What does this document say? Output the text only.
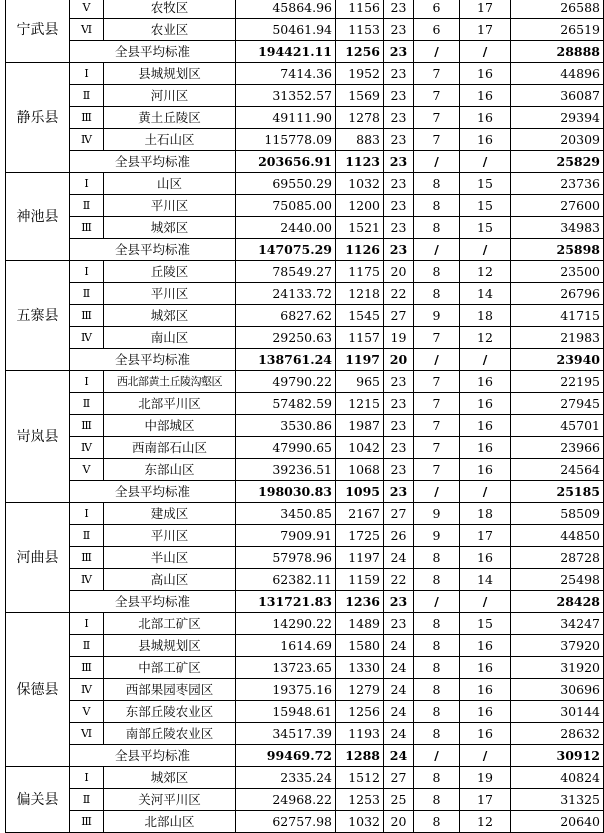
宁武县	Ⅴ	农牧区	45864.96	1156	23	6	17	26588
	Ⅵ	农业区	50461.94	1153	23	6	17	26519
	全县平均标准		194421.11	1256	23	/	/	28888
静乐县	Ⅰ	县城规划区	7414.36	1952	23	7	16	44896
	Ⅱ	河川区	31352.57	1569	23	7	16	36087
	Ⅲ	黄土丘陵区	49111.90	1278	23	7	16	29394
	Ⅳ	土石山区	115778.09	883	23	7	16	20309
	全县平均标准		203656.91	1123	23	/	/	25829
神池县	Ⅰ	山区	69550.29	1032	23	8	15	23736
	Ⅱ	平川区	75085.00	1200	23	8	15	27600
	Ⅲ	城郊区	2440.00	1521	23	8	15	34983
	全县平均标准		147075.29	1126	23	/	/	25898
五寨县	Ⅰ	丘陵区	78549.27	1175	20	8	12	23500
	Ⅱ	平川区	24133.72	1218	22	8	14	26796
	Ⅲ	城郊区	6827.62	1545	27	9	18	41715
	Ⅳ	南山区	29250.63	1157	19	7	12	21983
	全县平均标准		138761.24	1197	20	/	/	23940
岢岚县	Ⅰ	西北部黄土丘陵沟壑区	49790.22	965	23	7	16	22195
	Ⅱ	北部平川区	57482.59	1215	23	7	16	27945
	Ⅲ	中部城区	3530.86	1987	23	7	16	45701
	Ⅳ	西南部石山区	47990.65	1042	23	7	16	23966
	Ⅴ	东部山区	39236.51	1068	23	7	16	24564
	全县平均标准		198030.83	1095	23	/	/	25185
河曲县	Ⅰ	建成区	3450.85	2167	27	9	18	58509
	Ⅱ	平川区	7909.91	1725	26	9	17	44850
	Ⅲ	半山区	57978.96	1197	24	8	16	28728
	Ⅳ	高山区	62382.11	1159	22	8	14	25498
	全县平均标准		131721.83	1236	23	/	/	28428
保德县	Ⅰ	北部工矿区	14290.22	1489	23	8	15	34247
	Ⅱ	县城规划区	1614.69	1580	24	8	16	37920
	Ⅲ	中部工矿区	13723.65	1330	24	8	16	31920
	Ⅳ	西部果园枣园区	19375.16	1279	24	8	16	30696
	Ⅴ	东部丘陵农业区	15948.61	1256	24	8	16	30144
	Ⅵ	南部丘陵农业区	34517.39	1193	24	8	16	28632
	全县平均标准		99469.72	1288	24	/	/	30912
偏关县	Ⅰ	城郊区	2335.24	1512	27	8	19	40824
	Ⅱ	关河平川区	24968.22	1253	25	8	17	31325
	Ⅲ	北部山区	62757.98	1032	20	8	12	20640
